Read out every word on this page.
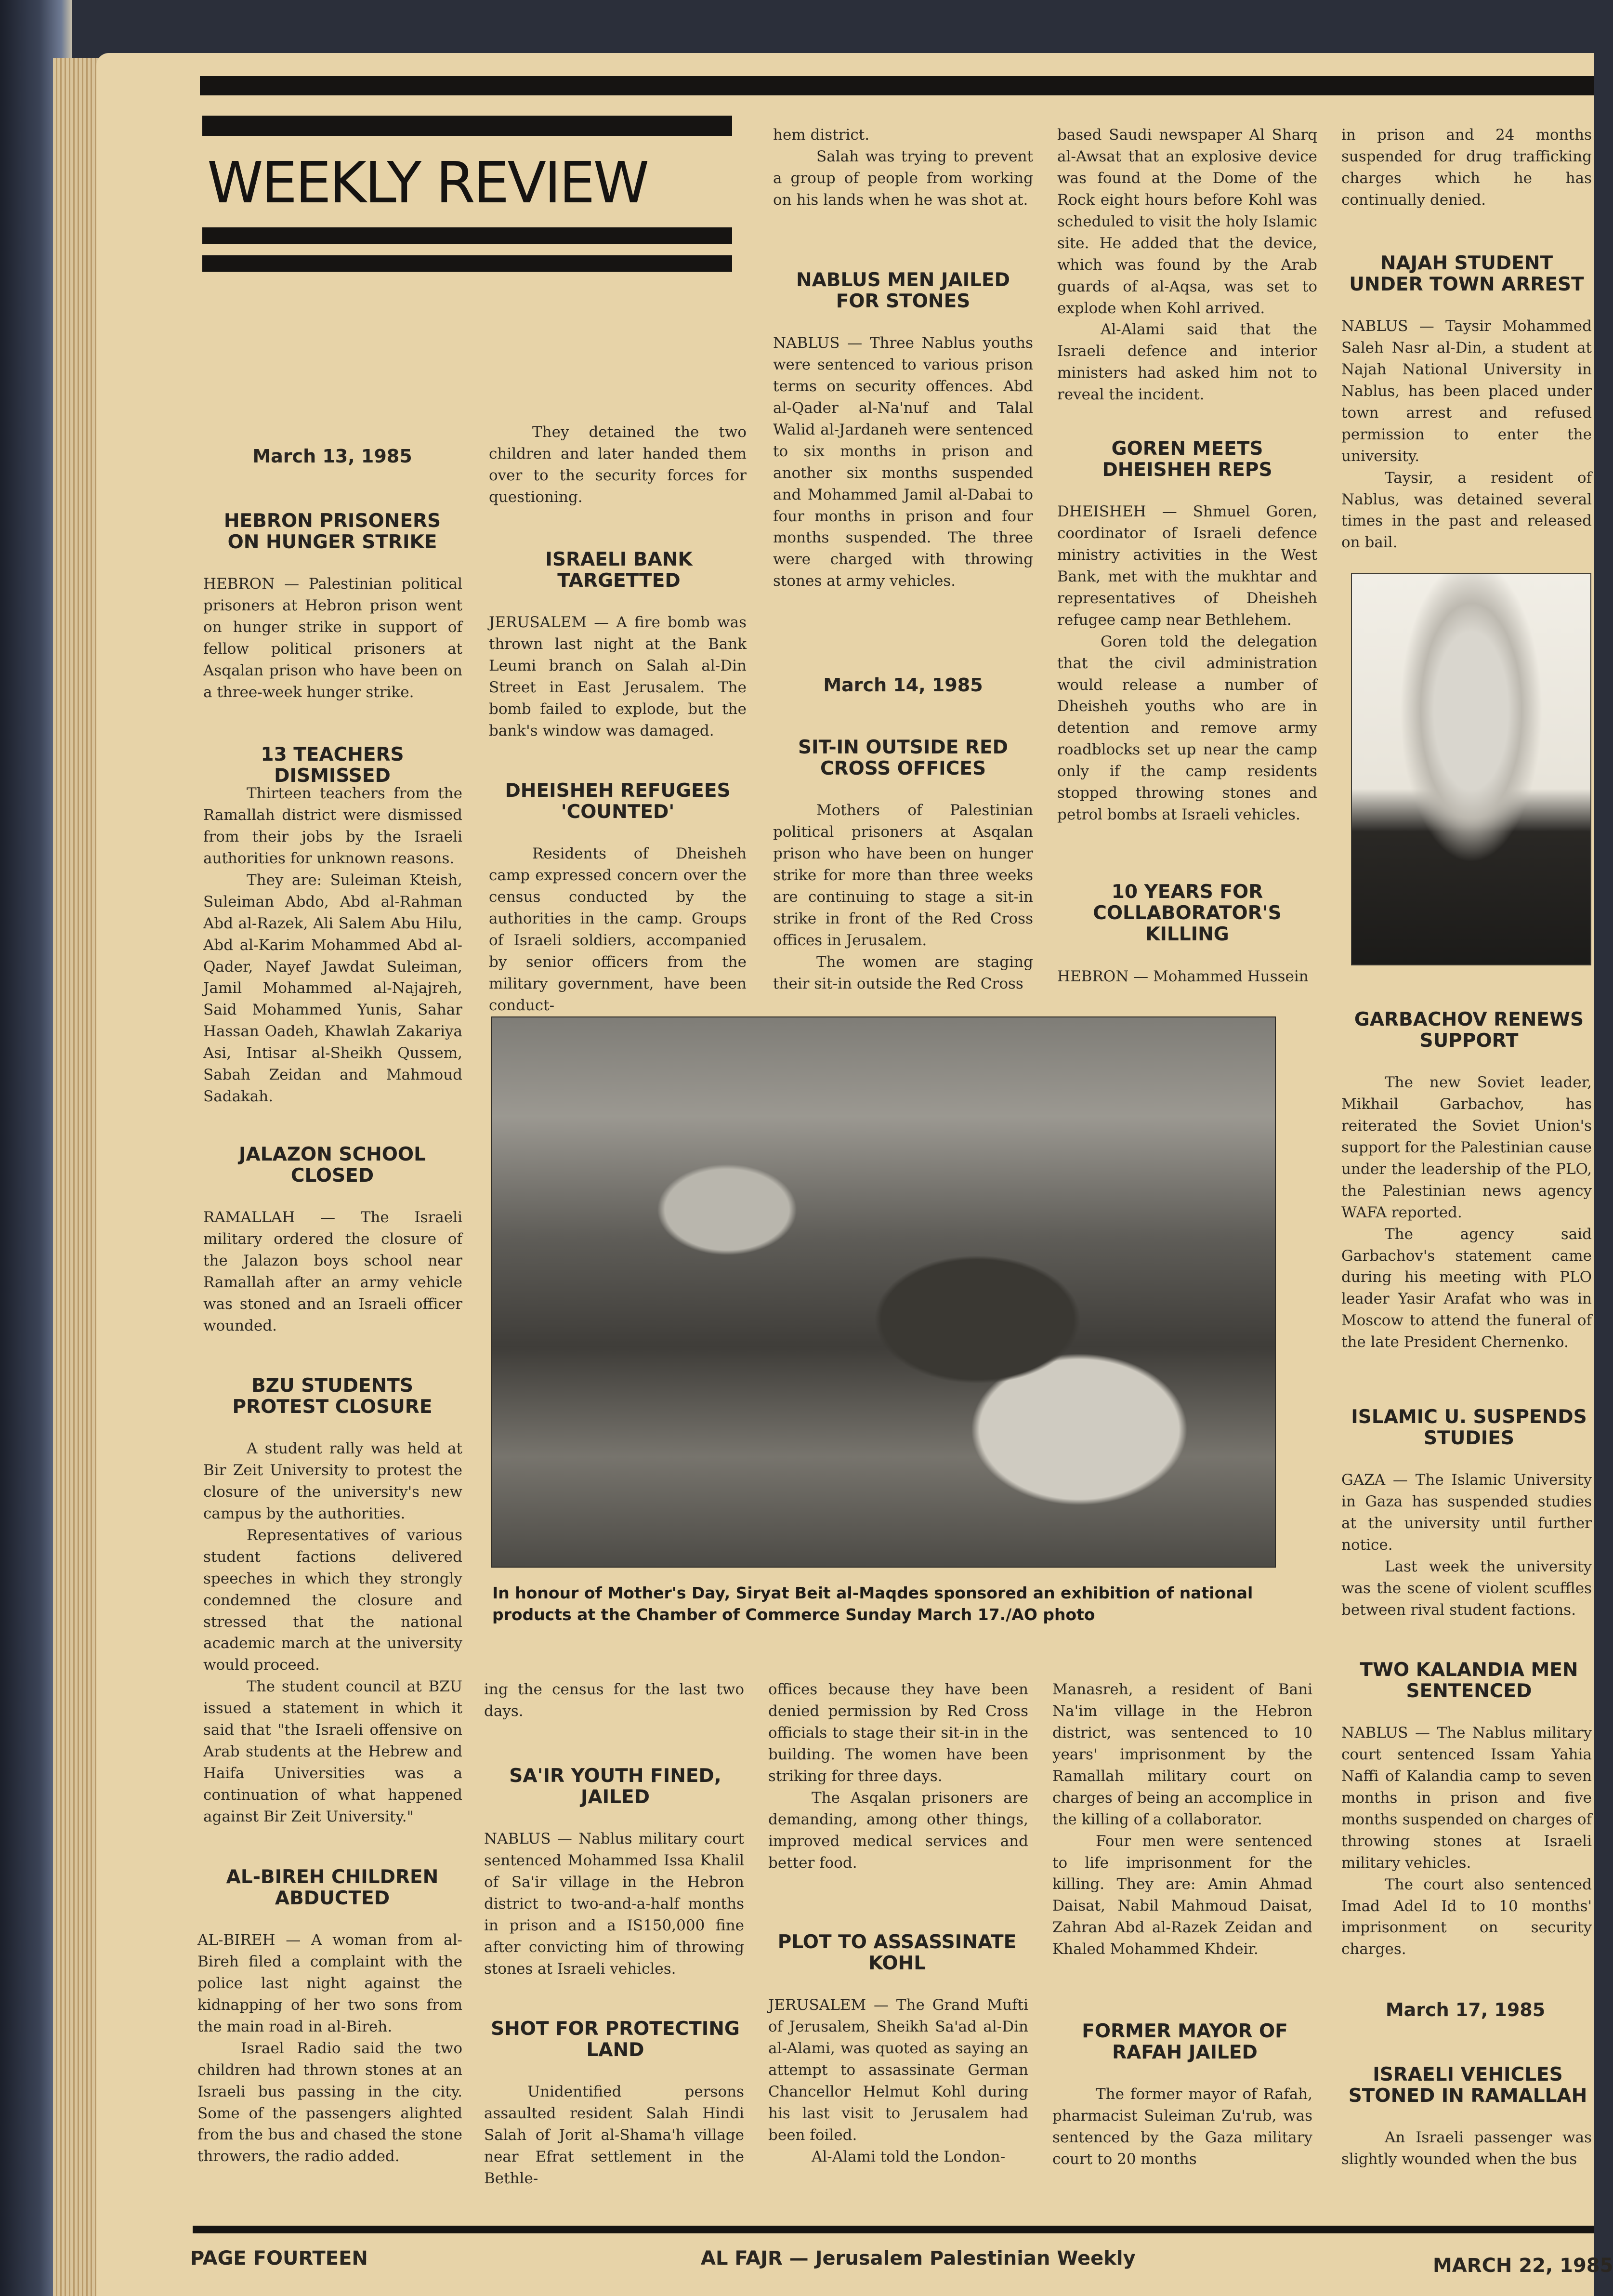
WEEKLY REVIEW
March 13, 1985
HEBRON PRISONERS ON HUNGER STRIKE

HEBRON — Palestinian political prisoners at Hebron prison went on hunger strike in support of fellow political prisoners at Asqalan prison who have been on a three-week hunger strike.

13 TEACHERS DISMISSED

Thirteen teachers from the Ramallah district were dismissed from their jobs by the Israeli authorities for unknown reasons.

They are: Suleiman Kteish, Suleiman Abdo, Abd al-Rahman Abd al-Razek, Ali Salem Abu Hilu, Abd al-Karim Mohammed Abd al-Qader, Nayef Jawdat Suleiman, Jamil Mohammed al-Najajreh, Said Mohammed Yunis, Sahar Hassan Oadeh, Khawlah Zakariya Asi, Intisar al-Sheikh Qussem, Sabah Zeidan and Mahmoud Sadakah.

JALAZON SCHOOL CLOSED

RAMALLAH — The Israeli military ordered the closure of the Jalazon boys school near Ramallah after an army vehicle was stoned and an Israeli officer wounded.

BZU STUDENTS PROTEST CLOSURE

A student rally was held at Bir Zeit University to protest the closure of the university's new campus by the authorities.

Representatives of various student factions delivered speeches in which they strongly condemned the closure and stressed that the national academic march at the university would proceed.

The student council at BZU issued a statement in which it said that "the Israeli offensive on Arab students at the Hebrew and Haifa Universities was a continuation of what happened against Bir Zeit University."

AL-BIREH CHILDREN ABDUCTED

AL-BIREH — A woman from al-Bireh filed a complaint with the police last night against the kidnapping of her two sons from the main road in al-Bireh.

Israel Radio said the two children had thrown stones at an Israeli bus passing in the city. Some of the passengers alighted from the bus and chased the stone throwers, the radio added.

They detained the two children and later handed them over to the security forces for questioning.

ISRAELI BANK TARGETTED

JERUSALEM — A fire bomb was thrown last night at the Bank Leumi branch on Salah al-Din Street in East Jerusalem. The bomb failed to explode, but the bank's window was damaged.

DHEISHEH REFUGEES 'COUNTED'

Residents of Dheisheh camp expressed concern over the census conducted by the authorities in the camp. Groups of Israeli soldiers, accompanied by senior officers from the military government, have been conduct-

ing the census for the last two days.

SA'IR YOUTH FINED, JAILED

NABLUS — Nablus military court sentenced Mohammed Issa Khalil of Sa'ir village in the Hebron district to two-and-a-half months in prison and a IS150,000 fine after convicting him of throwing stones at Israeli vehicles.

SHOT FOR PROTECTING LAND

Unidentified persons assaulted resident Salah Hindi Salah of Jorit al-Shama'h village near Efrat settlement in the Bethle-

hem district.

Salah was trying to prevent a group of people from working on his lands when he was shot at.

NABLUS MEN JAILED FOR STONES

NABLUS — Three Nablus youths were sentenced to various prison terms on security offences. Abd al-Qader al-Na'nuf and Talal Walid al-Jardaneh were sentenced to six months in prison and another six months suspended and Mohammed Jamil al-Dabai to four months in prison and four months suspended. The three were charged with throwing stones at army vehicles.

March 14, 1985
SIT-IN OUTSIDE RED CROSS OFFICES

Mothers of Palestinian political prisoners at Asqalan prison who have been on hunger strike for more than three weeks are continuing to stage a sit-in strike in front of the Red Cross offices in Jerusalem.

The women are staging their sit-in outside the Red Cross

offices because they have been denied permission by Red Cross officials to stage their sit-in in the building. The women have been striking for three days.

The Asqalan prisoners are demanding, among other things, improved medical services and better food.

PLOT TO ASSASSINATE KOHL

JERUSALEM — The Grand Mufti of Jerusalem, Sheikh Sa'ad al-Din al-Alami, was quoted as saying an attempt to assassinate German Chancellor Helmut Kohl during his last visit to Jerusalem had been foiled.

Al-Alami told the London-

based Saudi newspaper Al Sharq al-Awsat that an explosive device was found at the Dome of the Rock eight hours before Kohl was scheduled to visit the holy Islamic site. He added that the device, which was found by the Arab guards of al-Aqsa, was set to explode when Kohl arrived.

Al-Alami said that the Israeli defence and interior ministers had asked him not to reveal the incident.

GOREN MEETS DHEISHEH REPS

DHEISHEH — Shmuel Goren, coordinator of Israeli defence ministry activities in the West Bank, met with the mukhtar and representatives of Dheisheh refugee camp near Bethlehem.

Goren told the delegation that the civil administration would release a number of Dheisheh youths who are in detention and remove army roadblocks set up near the camp only if the camp residents stopped throwing stones and petrol bombs at Israeli vehicles.

10 YEARS FOR COLLABORATOR'S KILLING

HEBRON — Mohammed Hussein

Manasreh, a resident of Bani Na'im village in the Hebron district, was sentenced to 10 years' imprisonment by the Ramallah military court on charges of being an accomplice in the killing of a collaborator.

Four men were sentenced to life imprisonment for the killing. They are: Amin Ahmad Daisat, Nabil Mahmoud Daisat, Zahran Abd al-Razek Zeidan and Khaled Mohammed Khdeir.

FORMER MAYOR OF RAFAH JAILED

The former mayor of Rafah, pharmacist Suleiman Zu'rub, was sentenced by the Gaza military court to 20 months

in prison and 24 months suspended for drug trafficking charges which he has continually denied.

NAJAH STUDENT UNDER TOWN ARREST

NABLUS — Taysir Mohammed Saleh Nasr al-Din, a student at Najah National University in Nablus, has been placed under town arrest and refused permission to enter the university.

Taysir, a resident of Nablus, was detained several times in the past and released on bail.

GARBACHOV RENEWS SUPPORT

The new Soviet leader, Mikhail Garbachov, has reiterated the Soviet Union's support for the Palestinian cause under the leadership of the PLO, the Palestinian news agency WAFA reported.

The agency said Garbachov's statement came during his meeting with PLO leader Yasir Arafat who was in Moscow to attend the funeral of the late President Chernenko.

ISLAMIC U. SUSPENDS STUDIES

GAZA — The Islamic University in Gaza has suspended studies at the university until further notice.

Last week the university was the scene of violent scuffles between rival student factions.

TWO KALANDIA MEN SENTENCED

NABLUS — The Nablus military court sentenced Issam Yahia Naffi of Kalandia camp to seven months in prison and five months suspended on charges of throwing stones at Israeli military vehicles.

The court also sentenced Imad Adel Id to 10 months' imprisonment on security charges.

March 17, 1985
ISRAELI VEHICLES STONED IN RAMALLAH

An Israeli passenger was slightly wounded when the bus

In honour of Mother's Day, Siryat Beit al-Maqdes sponsored an exhibition of national products at the Chamber of Commerce Sunday March 17./AO photo
PAGE FOURTEEN	AL FAJR — Jerusalem Palestinian Weekly	MARCH 22, 1985
